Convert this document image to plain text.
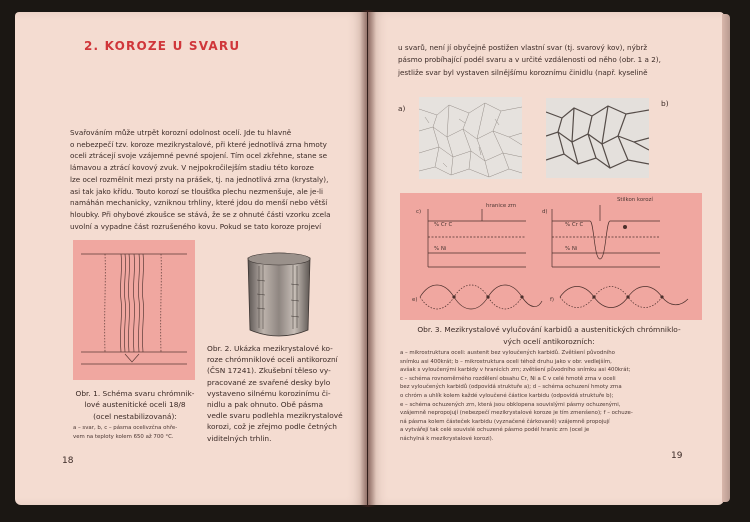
2. KOROZE U SVARU
Svařováním může utrpět korozní odolnost ocelí. Jde tu hlavně
o nebezpečí tzv. koroze mezikrystalové, při které jednotlivá zrna hmoty
oceli ztrácejí svoje vzájemné pevné spojení. Tím ocel zkřehne, stane se
lámavou a ztrácí kovový zvuk. V nejpokročilejším stadiu této koroze
lze ocel rozmělnit mezi prsty na prášek, tj. na jednotlivá zrna (krystaly),
asi tak jako křídu. Touto korozí se tloušťka plechu nezmenšuje, ale je-li
namáhán mechanicky, vzniknou trhliny, které jdou do menší nebo větší
hloubky. Při ohybové zkoušce se stává, že se z ohnuté části vzorku zcela
uvolní a vypadne část rozrušeného kovu. Pokud se tato koroze projeví
Obr. 1. Schéma svaru chrómnik-
lové austenitické oceli 18/8
(ocel nestabilizovaná):
a – svar, b, c – pásma ocelivzčna ohře-
vem na teploty kolem 650 až 700 °C.
Obr. 2. Ukázka mezikrystalové ko-
roze chrómniklové oceli antikorozní
(ČSN 17241). Zkušební těleso vy-
pracované ze svařené desky bylo
vystaveno silnému korozinímu či-
nidlu a pak ohnuto. Obě pásma
vedle svaru podlehla mezikrystalové
korozi, což je zřejmo podle četných
viditelných trhlin.
18
u svarů, není jí obyčejně postižen vlastní svar (tj. svarový kov), nýbrž
pásmo probíhající podél svaru a v určité vzdálenosti od něho (obr. 1 a 2),
jestliže svar byl vystaven silnějšímu koroznímu činidlu (např. kyselině
a)
b)
c)	d)
e)	f)
hranice zrn
Stilkon korozí
% Cr C
% Ni
% Cr C
% Ni
Obr. 3. Mezikrystalové vylučování karbidů a austenitických chrómniklo-
vých ocelí antikorozních:
a – mikrostruktura oceli: austenit bez vyloučených karbidů. Zvětšení původního
snímku asi 400krát; b – mikrostruktura oceli téhož druhu jako v obr. vedlejším,
avšak s vyloučenými karbidy v hranicích zrn; zvětšení původního snímku asi 400krát;
c – schéma rovnoměrného rozdělení obsahu Cr, Ni a C v celé hmotě zrna v oceli
bez vyloučených karbidů (odpovídá struktuře a); d – schéma ochuzení hmoty zrna
o chróm a uhlík kolem každé vyloučené částice karbidu (odpovídá struktuře b);
e – schéma ochuzených zrn, která jsou obklopena souvislými pásmy ochuzenými,
vzájemně nepropojují (nebezpečí mezikrystalové koroze je tím zmenšeno); f – ochuze-
ná pásma kolem částeček karbidu (vyznačené čárkovaně) vzájemně propojují
a vytvářejí tak celé souvislé ochuzené pásmo podél hranic zrn (ocel je
náchylná k mezikrystalové korozi).
19
